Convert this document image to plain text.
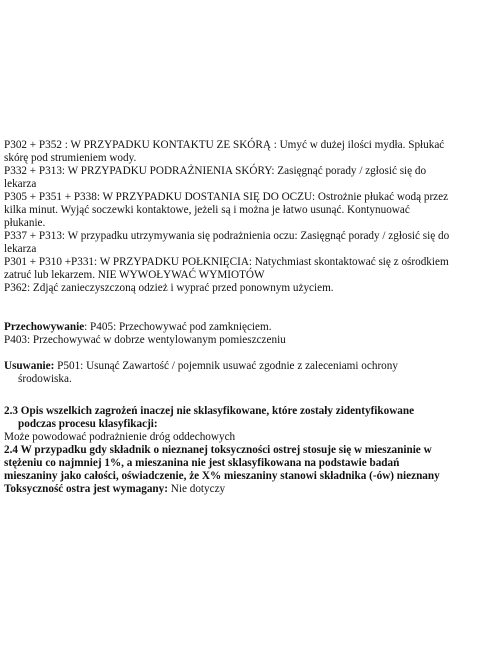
P302 + P352 : W PRZYPADKU KONTAKTU ZE SKÓRĄ : Umyć w dużej ilości mydła. Spłukać
skórę pod strumieniem wody.
P332 + P313: W PRZYPADKU PODRAŻNIENIA SKÓRY: Zasięgnąć porady / zgłosić się do
lekarza
P305 + P351 + P338: W PRZYPADKU DOSTANIA SIĘ DO OCZU: Ostrożnie płukać wodą przez
kilka minut. Wyjąć soczewki kontaktowe, jeżeli są i można je łatwo usunąć. Kontynuować
płukanie.
P337 + P313: W przypadku utrzymywania się podrażnienia oczu: Zasięgnąć porady / zgłosić się do
lekarza
P301 + P310 +P331: W PRZYPADKU POŁKNIĘCIA: Natychmiast skontaktować się z ośrodkiem
zatruć lub lekarzem. NIE WYWOŁYWAĆ WYMIOTÓW
P362: Zdjąć zanieczyszczoną odzież i wyprać przed ponownym użyciem.
Przechowywanie: P405: Przechowywać pod zamknięciem.
P403: Przechowywać w dobrze wentylowanym pomieszczeniu
Usuwanie: P501: Usunąć Zawartość / pojemnik usuwać zgodnie z zaleceniami ochrony
środowiska.
2.3 Opis wszelkich zagrożeń inaczej nie sklasyfikowane, które zostały zidentyfikowane
podczas procesu klasyfikacji:
Może powodować podrażnienie dróg oddechowych
2.4 W przypadku gdy składnik o nieznanej toksyczności ostrej stosuje się w mieszaninie w
stężeniu co najmniej 1%, a mieszanina nie jest sklasyfikowana na podstawie badań
mieszaniny jako całości, oświadczenie, że X% mieszaniny stanowi składnika (-ów) nieznany
Toksyczność ostra jest wymagany: Nie dotyczy
